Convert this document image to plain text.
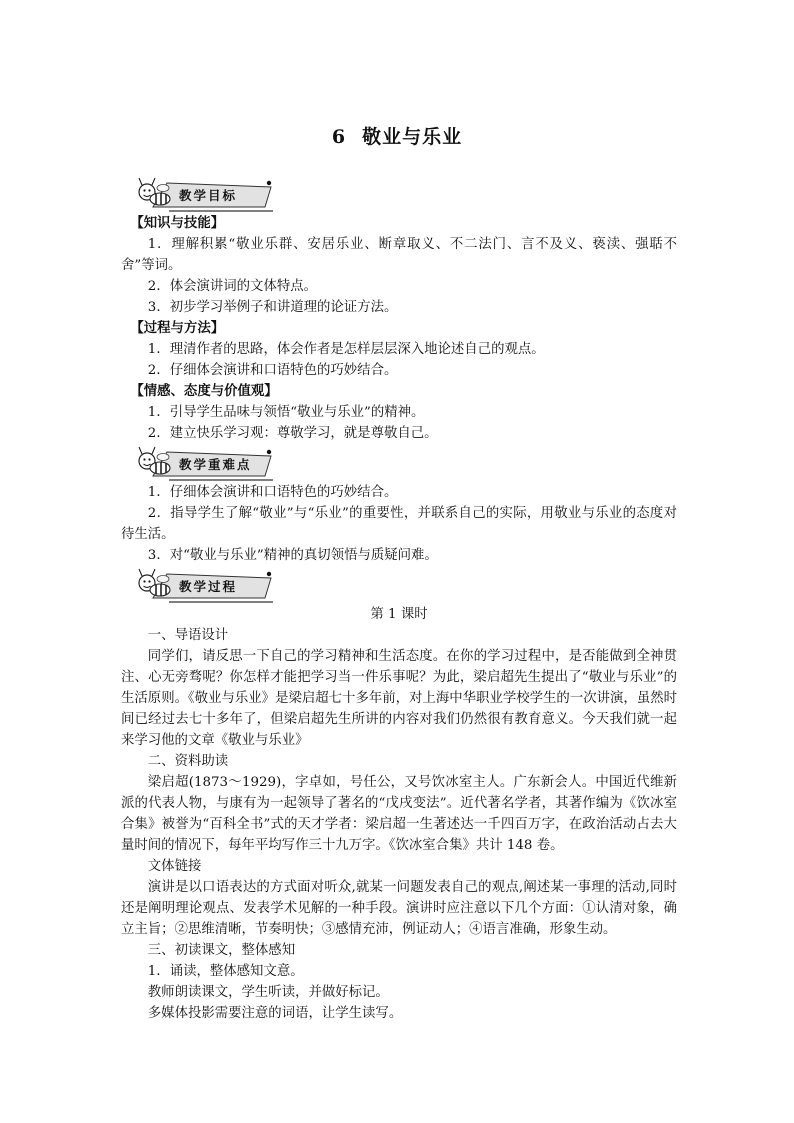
6 敬业与乐业
教学目标

【知识与技能】

1．理解积累“敬业乐群、安居乐业、断章取义、不二法门、言不及义、亵渎、强聒不舍”等词。

2．体会演讲词的文体特点。

3．初步学习举例子和讲道理的论证方法。

【过程与方法】

1．理清作者的思路，体会作者是怎样层层深入地论述自己的观点。

2．仔细体会演讲和口语特色的巧妙结合。

【情感、态度与价值观】

1．引导学生品味与领悟“敬业与乐业”的精神。

2．建立快乐学习观：尊敬学习，就是尊敬自己。

教学重难点

1．仔细体会演讲和口语特色的巧妙结合。

2．指导学生了解“敬业”与“乐业”的重要性，并联系自己的实际，用敬业与乐业的态度对待生活。

3．对“敬业与乐业”精神的真切领悟与质疑问难。

教学过程

第 1 课时

一、导语设计

同学们，请反思一下自己的学习精神和生活态度。在你的学习过程中，是否能做到全神贯注、心无旁骛呢？你怎样才能把学习当一件乐事呢？为此，梁启超先生提出了“敬业与乐业”的生活原则。《敬业与乐业》是梁启超七十多年前，对上海中华职业学校学生的一次讲演，虽然时间已经过去七十多年了，但梁启超先生所讲的内容对我们仍然很有教育意义。今天我们就一起来学习他的文章《敬业与乐业》

二、资料助读

梁启超(1873～1929)，字卓如，号任公，又号饮冰室主人。广东新会人。中国近代维新派的代表人物，与康有为一起领导了著名的“戊戌变法”。近代著名学者，其著作编为《饮冰室合集》被誉为“百科全书”式的天才学者：梁启超一生著述达一千四百万字，在政治活动占去大量时间的情况下，每年平均写作三十九万字。《饮冰室合集》共计 148 卷。

文体链接

演讲是以口语表达的方式面对听众,就某一问题发表自己的观点,阐述某一事理的活动,同时还是阐明理论观点、发表学术见解的一种手段。演讲时应注意以下几个方面：①认清对象，确立主旨；②思维清晰，节奏明快；③感情充沛，例证动人；④语言准确，形象生动。

三、初读课文，整体感知

1．诵读，整体感知文意。

教师朗读课文，学生听读，并做好标记。

多媒体投影需要注意的词语，让学生读写。
